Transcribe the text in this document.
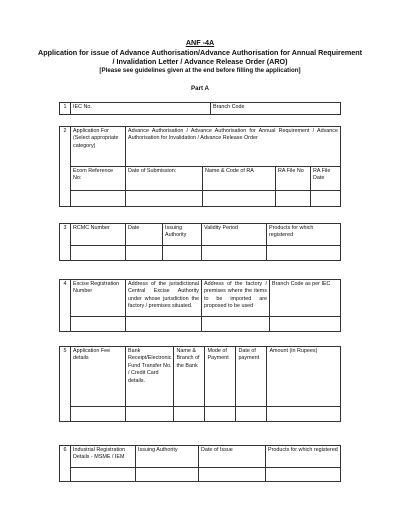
ANF -4A
Application for issue of Advance Authorisation/Advance Authorisation for Annual Requirement
/ Invalidation Letter / Advance Release Order (ARO)
[Please see guidelines given at the end before filling the application]
Part A
1	IEC No.	Branch Code
2	Application For (Select appropriate category)	Advance Authorisation / Advance Authorisation for Annual Requirement / Advance Authorisation for Invalidation / Advance Release Order			
	Ecom Reference No:	Date of Submission:	Name & Code of RA	RA File No	RA File Date

3	RCMC Number	Date	Issuing Authority	Validity Period	Products for which registered

4	Excise Registration Number	Address of the jurisdictional Central Excise Authority under whose jurisdiction the factory / premises situated.	Address of the factory / premises where the items to be imported are proposed to be used	Branch Code as per IEC

5	Application Fee details	Bank Receipt/Electronic Fund Transfer No. / Credit Card details.	Name & Branch of the Bank	Mode of Payment	Date of payment	Amount (in Rupees)

6	Industrial Registration Details - MSME / IEM	Issuing Authority	Date of Issue	Products for which registered
